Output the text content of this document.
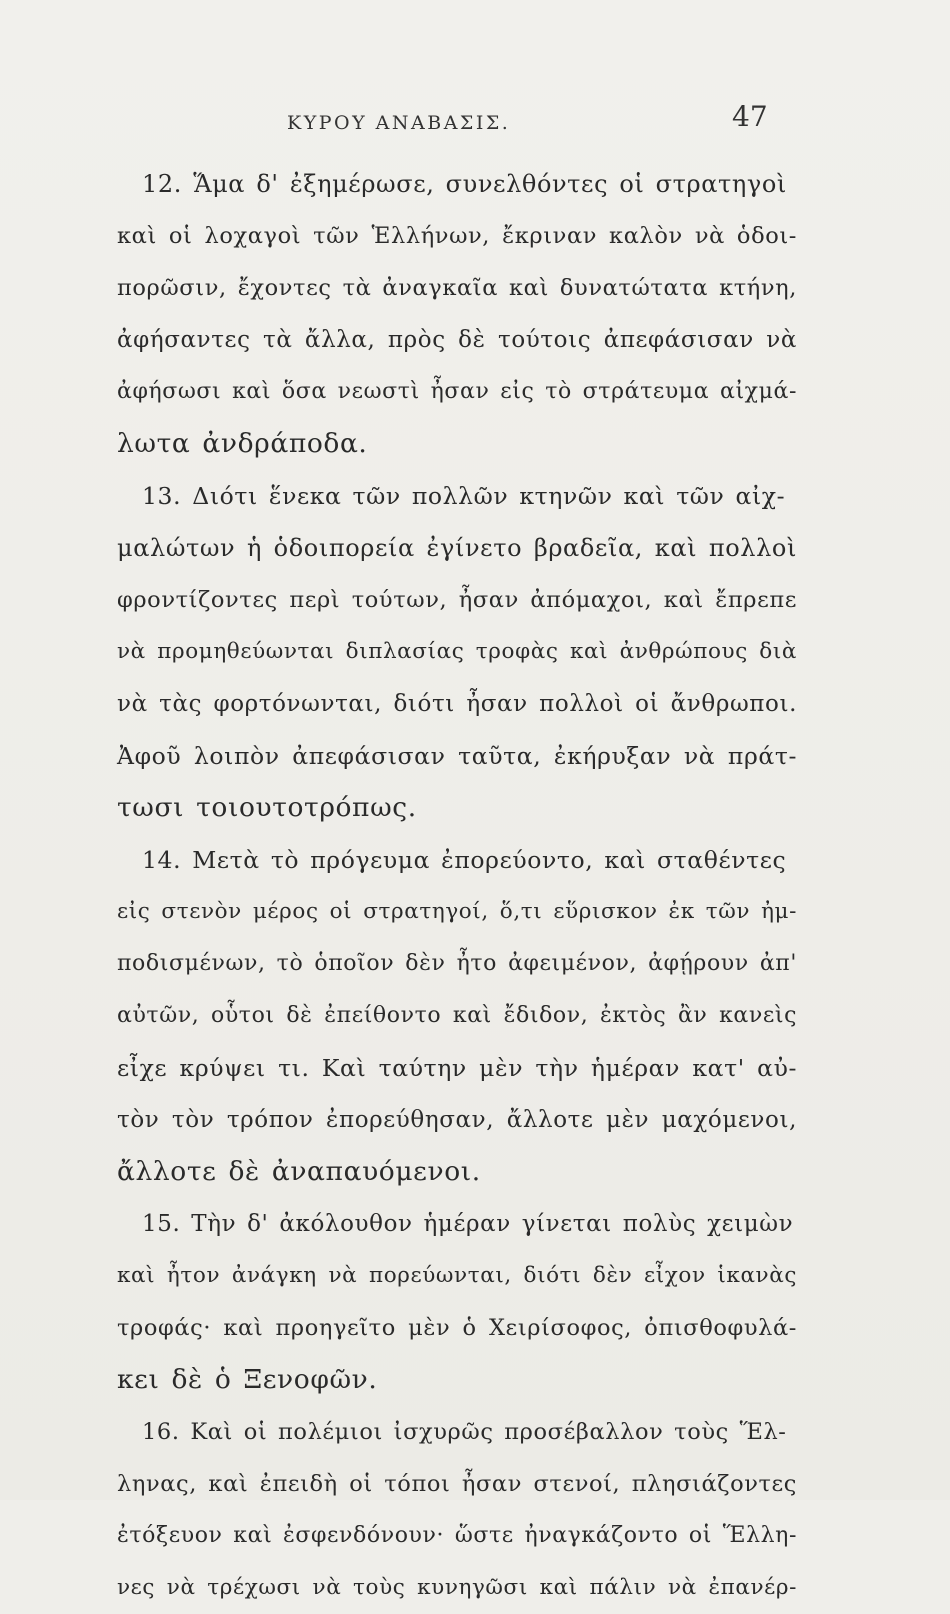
ΚΥΡΟΥ ΑΝΑΒΑΣΙΣ.	47
12. Ἅμα δ' ἐξημέρωσε, συνελθόντες οἱ στρατηγοὶ
καὶ οἱ λοχαγοὶ τῶν Ἑλλήνων, ἔκριναν καλὸν νὰ ὁδοι-
πορῶσιν, ἔχοντες τὰ ἀναγκαῖα καὶ δυνατώτατα κτήνη,
ἀφήσαντες τὰ ἄλλα, πρὸς δὲ τούτοις ἀπεφάσισαν νὰ
ἀφήσωσι καὶ ὅσα νεωστὶ ἦσαν εἰς τὸ στράτευμα αἰχμά-
λωτα ἀνδράποδα.
13. Διότι ἕνεκα τῶν πολλῶν κτηνῶν καὶ τῶν αἰχ-
μαλώτων ἡ ὁδοιπορεία ἐγίνετο βραδεῖα, καὶ πολλοὶ
φροντίζοντες περὶ τούτων, ἦσαν ἀπόμαχοι, καὶ ἔπρεπε
νὰ προμηθεύωνται διπλασίας τροφὰς καὶ ἀνθρώπους διὰ
νὰ τὰς φορτόνωνται, διότι ἦσαν πολλοὶ οἱ ἄνθρωποι.
Ἀφοῦ λοιπὸν ἀπεφάσισαν ταῦτα, ἐκήρυξαν νὰ πράτ-
τωσι τοιουτοτρόπως.
14. Μετὰ τὸ πρόγευμα ἐπορεύοντο, καὶ σταθέντες
εἰς στενὸν μέρος οἱ στρατηγοί, ὅ,τι εὕρισκον ἐκ τῶν ἠμ-
ποδισμένων, τὸ ὁποῖον δὲν ἦτο ἀφειμένον, ἀφῄρουν ἀπ'
αὐτῶν, οὗτοι δὲ ἐπείθοντο καὶ ἔδιδον, ἐκτὸς ἂν κανεὶς
εἶχε κρύψει τι. Καὶ ταύτην μὲν τὴν ἡμέραν κατ' αὐ-
τὸν τὸν τρόπον ἐπορεύθησαν, ἄλλοτε μὲν μαχόμενοι,
ἄλλοτε δὲ ἀναπαυόμενοι.
15. Τὴν δ' ἀκόλουθον ἡμέραν γίνεται πολὺς χειμὼν
καὶ ἦτον ἀνάγκη νὰ πορεύωνται, διότι δὲν εἶχον ἱκανὰς
τροφάς· καὶ προηγεῖτο μὲν ὁ Χειρίσοφος, ὀπισθοφυλά-
κει δὲ ὁ Ξενοφῶν.
16. Καὶ οἱ πολέμιοι ἰσχυρῶς προσέβαλλον τοὺς Ἕλ-
ληνας, καὶ ἐπειδὴ οἱ τόποι ἦσαν στενοί, πλησιάζοντες
ἐτόξευον καὶ ἐσφενδόνουν· ὥστε ἠναγκάζοντο οἱ Ἕλλη-
νες νὰ τρέχωσι νὰ τοὺς κυνηγῶσι καὶ πάλιν νὰ ἐπανέρ-
